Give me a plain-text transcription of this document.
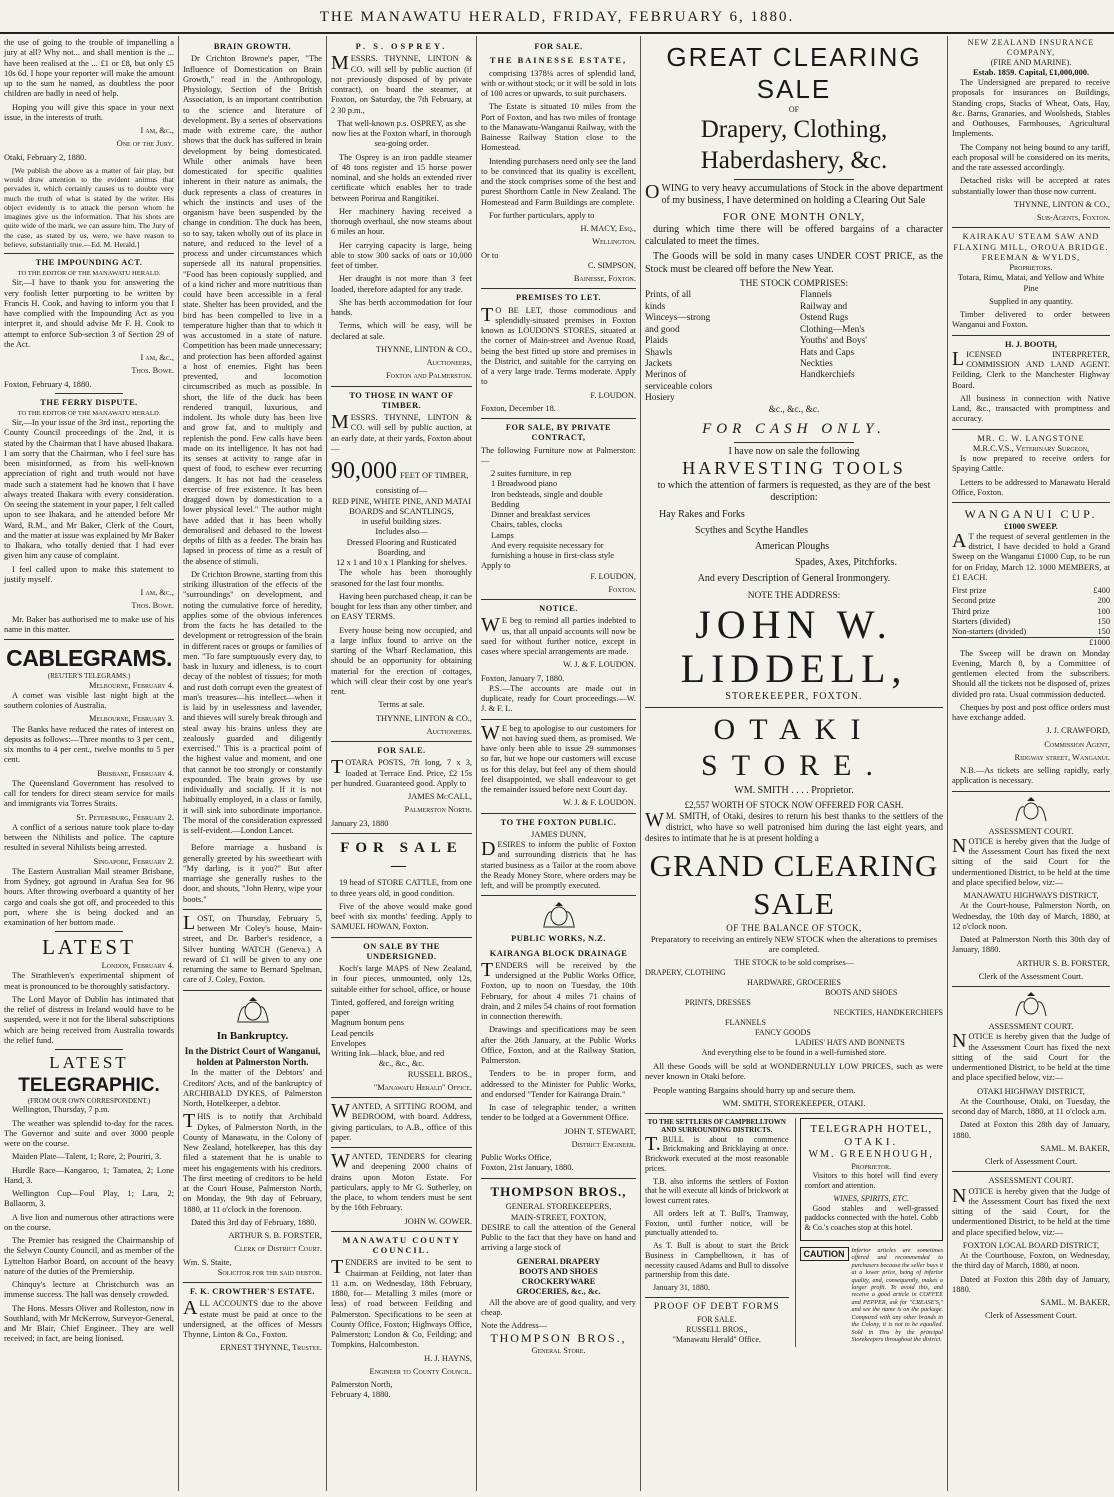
THE MANAWATU HERALD, FRIDAY, FEBRUARY 6, 1880.

the use of going to the trouble of impanelling a jury at all? Why not... and shall mention is the ... have been realised at the ... £1 or £8, but only £5 10s 6d. I hope your reporter will make the amount up to the sum he named, as doubtless the poor children are badly in need of help.

Hoping you will give this space in your next issue, in the interests of truth.

I am, &c.,
One of the Jury.

Otaki, February 2, 1880.

[We publish the above as a matter of fair play, but would draw attention to the evident animus that pervades it, which certainly causes us to doubte very much the truth of what is stated by the writer. His object evidently is to attack the person whom he imagines give us the information. That his shots are quite wide of the mark, we can assure him. The Jury of the case, as stated by us, were, we have reason to believe, substantially true.—Ed. M. Herald.]

THE IMPOUNDING ACT.
TO THE EDITOR OF THE MANAWATU HERALD.

Sir,—I have to thank you for answering the very foolish letter purporting to be written by Francis H. Cook, and having to inform you that I have complied with the Impounding Act as you interpret it, and should advise Mr F. H. Cook to attempt to enforce Sub-section 3 of Section 29 of the Act.

I am, &c.,
Thos. Bowe.

Foxton, February 4, 1880.

THE FERRY DISPUTE.
TO THE EDITOR OF THE MANAWATU HERALD.

Sir,—In your issue of the 3rd inst., reporting the County Council proceedings of the 2nd, it is stated by the Chairman that I have abused Ihakara. I am sorry that the Chairman, who I feel sure has been misinformed, as from his well-known appreciation of right and truth would not have made such a statement had he known that I have always treated Ihakara with every consideration. On seeing the statement in your paper, I felt called upon to see Ihakara, and he attended before Mr Ward, R.M., and Mr Baker, Clerk of the Court, and the matter at issue was explained by Mr Baker to Ihakara, who totally denied that I had ever given him any cause of complaint.

I feel called upon to make this statement to justify myself.

I am, &c.,
Thos. Bowe.

Mr. Baker has authorised me to make use of his name in this matter.

CABLEGRAMS.
(REUTER'S TELEGRAMS.)
Melbourne, February 4.

A comet was visible last night high at the southern colonies of Australia.

Melbourne, February 3.

The Banks have reduced the rates of interest on deposits as follows:—Three months to 3 per cent., six months to 4 per cent., twelve months to 5 per cent.

Brisbane, February 4.

The Queensland Government has resolved to call for tenders for direct steam service for mails and immigrants via Torres Straits.

St. Petersburg, February 2.

A conflict of a serious nature took place to-day between the Nihilists and police. The capture resulted in several Nihilists being arrested.

Singapore, February 2.

The Eastern Australian Mail steamer Brisbane, from Sydney, got aground in Arafua Sea for 96 hours. After throwing overboard a quantity of her cargo and coals she got off, and proceeded to this port, where she is being docked and an examination of her bottom made.

LATEST
London, February 4.

The Strathleven's experimental shipment of meat is pronounced to be thoroughly satisfactory.

The Lord Mayor of Dublin has intimated that the relief of distress in Ireland would have to be suspended, were it not for the liberal subscriptions which are being received from Australia towards the relief fund.

LATEST
TELEGRAPHIC.
(FROM OUR OWN CORRESPONDENT.)

Wellington, Thursday, 7 p.m.

The weather was splendid to-day for the races. The Governor and suite and over 3000 people were on the course.

Maiden Plate—Talent, 1; Rore, 2; Pouriri, 3.

Hurdle Race—Kangaroo, 1; Tamatea, 2; Lone Hand, 3.

Wellington Cup—Foul Play, 1; Lara, 2; Ballaorm, 3.

A live lion and numerous other attractions were on the course.

The Premier has resigned the Chairmanship of the Selwyn County Council, and as member of the Lyttelton Harbor Board, on account of the heavy nature of the duties of the Premiership.

Chinquy's lecture at Christchurch was an immense success. The hall was densely crowded.

The Hons. Messrs Oliver and Rolleston, now in Southland, with Mr McKerrow, Surveyor-General, and Mr Blair, Chief Engineer. They are well received; in fact, are being lionised.

BRAIN GROWTH.

Dr Crichton Browne's paper, "The Influence of Domestication on Brain Growth," read in the Anthropology, Physiology, Section of the British Association, is an important contribution to the science and literature of development. By a series of observations made with extreme care, the author shows that the duck has suffered in brain development by being domesticated. While other animals have been domesticated for specific qualities inherent in their nature as animals, the duck represents a class of creatures in which the instincts and uses of the organism have been suspended by the change in condition. The duck has been, so to say, taken wholly out of its place in nature, and reduced to the level of a process and under circumstances which supersede all its natural propensities. "Food has been copiously supplied, and of a kind richer and more nutritious than could have been accessible in a feral state. Shelter has been provided, and the bird has been compelled to live in a temperature higher than that to which it was accustomed in a state of nature. Competition has been made unnecessary; and protection has been afforded against a host of enemies. Fight has been prevented, and locomotion circumscribed as much as possible. In short, the life of the duck has been rendered tranquil, luxurious, and indolent. Its whole duty has been live and grow fat, and to multiply and replenish the pond. Few calls have been made on its intelligence. It has not had its senses at activity to range afar in quest of food, to eschew ever recurring dangers. It has not had the ceaseless exercise of free existence. It has been dragged down by domestication to a lower physical level." The author might have added that it has been wholly demoralised and debased to the lowest depths of filth as a feeder. The brain has lapsed in process of time as a result of the absence of stimuli.

Dr Crichton Browne, starting from this striking illustration of the effects of the "surroundings" on development, and noting the cumulative force of heredity, applies some of the obvious inferences from the facts he has detailed to the development or retrogression of the brain in different races or groups or families of men. "To fare sumptuously every day, to bask in luxury and idleness, is to court decay of the noblest of tissues; for moth and rust doth corrupt even the greatest of man's treasures—his intellect—when it is laid by in uselessness and lavender, and thieves will surely break through and steal away his brains unless they are zealously guarded and diligently exercised." This is a practical point of the highest value and moment, and one that cannot be too strongly or constantly expounded. The brain grows by use individually and socially. If it is not habitually employed, in a class or family, it will sink into subordinate importance. The moral of the consideration expressed is self-evident.—London Lancet.

Before marriage a husband is generally greeted by his sweetheart with "My darling, is it you?" But after marriage she generally rushes to the door, and shouts, "John Henry, wipe your boots."

LOST, on Thursday, February 5, between Mr Coley's house, Main-street, and Dr. Barber's residence, a Silver hunting WATCH (Geneva.) A reward of £1 will be given to any one returning the same to Bernard Spelman, care of J. Coley, Foxton.

In Bankruptcy.
In the District Court of Wanganui, holden at Palmerston North.

In the matter of the Debtors' and Creditors' Acts, and of the bankruptcy of ARCHIBALD DYKES, of Palmerston North, Hotelkeeper, a debtor.

THIS is to notify that Archibald Dykes, of Palmerston North, in the County of Manawatu, in the Colony of New Zealand, hotelkeeper, has this day filed a statement that he is unable to meet his engagements with his creditors. The first meeting of creditors to be held at the Court House, Palmerston North, on Monday, the 9th day of February, 1880, at 11 o'clock in the forenoon.

Dated this 3rd day of February, 1880.

ARTHUR S. B. FORSTER,
Clerk of District Court.
Wm. S. Staite,
Solicitor for the said debtor.
F. K. CROWTHER'S ESTATE.

ALL ACCOUNTS due to the above estate must be paid at once to the undersigned, at the offices of Messrs Thynne, Linton & Co., Foxton.

ERNEST THYNNE, Trustee.
P. S. OSPREY.

MESSRS. THYNNE, LINTON & CO. will sell by public auction (if not previously disposed of by private contract), on board the steamer, at Foxton, on Saturday, the 7th February, at 2 30 p.m.,

That well-known p.s. OSPREY, as she now lies at the Foxton wharf, in thorough sea-going order.

The Osprey is an iron paddle steamer of 48 tons register and 15 horse power nominal, and she holds an extended river certificate which enables her to trade between Porirua and Rangitikei.

Her machinery having received a thorough overhaul, she now steams about 6 miles an hour.

Her carrying capacity is large, being able to stow 300 sacks of oats or 10,000 feet of timber.

Her draught is not more than 3 feet loaded, therefore adapted for any trade.

She has berth accommodation for four hands.

Terms, which will be easy, will be declared at sale.

THYNNE, LINTON & CO.,
Auctioneers,
Foxton and Palmerston.
TO THOSE IN WANT OF TIMBER.

MESSRS. THYNNE, LINTON & CO. will sell by public auction, at an early date, at their yards, Foxton about—

90,000 FEET OF TIMBER,
consisting of—
RED PINE, WHITE PINE, AND MATAI
BOARDS and SCANTLINGS,
in useful building sizes.
Includes also—
Dressed Flooring and Rusticated Boarding, and
12 x 1 and 10 x 1 Planking for shelves.

The whole has been thoroughly seasoned for the last four months.

Having been purchased cheap, it can be bought for less than any other timber, and on EASY TERMS.

Every house being now occupied, and a large influx found to arrive on the starting of the Wharf Reclamation, this should be an opportunity for obtaining material for the erection of cottages, which will clear their cost by one year's rent.

Terms at sale.

THYNNE, LINTON & CO.,
Auctioneers.
FOR SALE.

TOTARA POSTS, 7ft long, 7 x 3, loaded at Terrace End. Price, £2 15s per hundred. Guaranteed good. Apply to

JAMES McCALL,
Palmerston North.
January 23, 1880
FOR SALE—

19 head of STORE CATTLE, from one to three years old, in good condition.

Five of the above would make good beef with six months' feeding. Apply to SAMUEL HOWAN, Foxton.

ON SALE BY THE UNDERSIGNED.

Koch's large MAPS of New Zealand, in four pieces, unmounted, only 12s, suitable either for school, office, or house

Tinted, goffered, and foreign writing paper
Magnum bonum pens
Lead pencils
Envelopes
Writing Ink—black, blue, and red
&c., &c., &c.
RUSSELL BROS.,
"Manawatu Herald" Office.

WANTED, A SITTING ROOM, and BEDROOM, with board. Address, giving particulars, to A.B., office of this paper.

WANTED, TENDERS for clearing and deepening 2000 chains of drains upon Moton Estate. For particulars, apply to Mr G. Sutherley, on the place, to whom tenders must be sent by the 16th February.

JOHN W. GOWER.
MANAWATU COUNTY COUNCIL.

TENDERS are invited to be sent to Chairman at Feilding, not later than 11 a.m. on Wednesday, 18th February, 1880, for— Metalling 3 miles (more or less) of road between Feilding and Palmerston. Specifications to be seen at County Office, Foxton; Highways Office, Palmerston; London & Co, Feilding; and Tompkins, Halcombeston.

H. J. HAYNS,
Engineer to County Council.
Palmerston North,
February 4, 1880.
FOR SALE.
THE BAINESSE ESTATE,

comprising 1378¼ acres of splendid land, with or without stock; or it will be sold in lots of 100 acres or upwards, to suit purchasers.

The Estate is situated 10 miles from the Port of Foxton, and has two miles of frontage to the Manawatu-Wanganui Railway, with the Bainesse Railway Station close to the Homestead.

Intending purchasers need only see the land to be convinced that its quality is excellent, and the stock comprises some of the best and purest Shorthorn Cattle in New Zealand. The Homestead and Farm Buildings are complete.

For further particulars, apply to

H. MACY, Esq.,
Wellington.
Or to
C. SIMPSON,
Bainesse, Foxton.
PREMISES TO LET.

TO BE LET, those commodious and splendidly-situated premises in Foxton known as LOUDON'S STORES, situated at the corner of Main-street and Avenue Road, being the best fitted up store and premises in the District, and suitable for the carrying on of a very large trade. Terms moderate. Apply to

F. LOUDON.
Foxton, December 18.
FOR SALE, BY PRIVATE CONTRACT,

The following Furniture now at Palmerston:—

2 suites furniture, in rep
1 Broadwood piano
Iron bedsteads, single and double
Bedding
Dinner and breakfast services
Chairs, tables, clocks
Lamps
And every requisite necessary for furnishing a house in first-class style
Apply to
F. LOUDON,
Foxton.
NOTICE.

WE beg to remind all parties indebted to us, that all unpaid accounts will now be sued for without further notice, except in cases where special arrangements are made.

W. J. & F. LOUDON.
Foxton, January 7, 1880.

P.S.—The accounts are made out in duplicate, ready for Court proceedings.—W. J. & F. L.

WE beg to apologise to our customers for not having sued them, as promised. We have only been able to issue 29 summonses so far, but we hope our customers will excuse us for this delay, but feel any of them should feel disappointed, we shall endeavour to get the remainder issued before next Court day.

W. J. & F. LOUDON.
TO THE FOXTON PUBLIC.
JAMES DUNN,

DESIRES to inform the public of Foxton and surrounding districts that he has started business as a Tailor at the room above the Ready Money Store, where orders may be left, and will be promptly executed.

PUBLIC WORKS, N.Z.
KAIRANGA BLOCK DRAINAGE

TENDERS will be received by the undersigned at the Public Works Office, Foxton, up to noon on Tuesday, the 10th February, for about 4 miles 71 chains of drain, and 2 miles 54 chains of root formation in connection therewith.

Drawings and specifications may be seen after the 26th January, at the Public Works Office, Foxton, and at the Railway Station, Palmerston.

Tenders to be in proper form, and addressed to the Minister for Public Works, and endorsed "Tender for Kairanga Drain."

In case of telegraphic tender, a written tender to be lodged at a Government Office.

JOHN T. STEWART,
District Engineer.
Public Works Office,
Foxton, 21st January, 1880.
THOMPSON BROS.,
GENERAL STOREKEEPERS,
MAIN-STREET, FOXTON,

DESIRE to call the attention of the General Public to the fact that they have on hand and arriving a large stock of

GENERAL DRAPERY
BOOTS AND SHOES
CROCKERYWARE
GROCERIES, &c., &c.

All the above are of good quality, and very cheap.

Note the Address—
THOMPSON BROS.,
General Store.
GREAT CLEARING SALE
OF
Drapery, Clothing, Haberdashery, &c.

OWING to very heavy accumulations of Stock in the above department of my business, I have determined on holding a Clearing Out Sale

FOR ONE MONTH ONLY,

during which time there will be offered bargains of a character calculated to meet the times.

The Goods will be sold in many cases UNDER COST PRICE, as the Stock must be cleared off before the New Year.

THE STOCK COMPRISES:
Prints, of all kinds
Winceys—strong and good
Plaids
Shawls
Jackets
Merinos of serviceable colors
Hosiery
Flannels
Railway and Ostend Rugs
Clothing—Men's Youths' and Boys'
Hats and Caps
Neckties
Handkerchiefs
&c., &c., &c.
FOR CASH ONLY.
I have now on sale the following
HARVESTING TOOLS

to which the attention of farmers is requested, as they are of the best description:

Hay Rakes and Forks
Scythes and Scythe Handles
American Ploughs
Spades, Axes, Pitchforks.
And every Description of General Ironmongery.
NOTE THE ADDRESS:
JOHN W. LIDDELL,
STOREKEEPER, FOXTON.
OTAKI STORE.
WM. SMITH . . . . Proprietor.
£2,557 WORTH OF STOCK NOW OFFERED FOR CASH.

WM. SMITH, of Otaki, desires to return his best thanks to the settlers of the district, who have so well patronised him during the last eight years, and desires to intimate that he is at present holding a

GRAND CLEARING SALE
OF THE BALANCE OF STOCK,

Preparatory to receiving an entirely NEW STOCK when the alterations to premises are completed.

THE STOCK to be sold comprises—
DRAPERY, CLOTHING
HARDWARE, GROCERIES
BOOTS AND SHOES
PRINTS, DRESSES
NECKTIES, HANDKERCHIEFS
FLANNELS
FANCY GOODS
LADIES' HATS AND BONNETS
And everything else to be found in a well-furnished store.

All these Goods will be sold at WONDERNULLY LOW PRICES, such as were never known in Otaki before.

People wanting Bargains should hurry up and secure them.

WM. SMITH, STOREKEEPER, OTAKI.
TO THE SETTLERS OF CAMPBELLTOWN AND SURROUNDING DISTRICTS.

T.BULL is about to commence Brickmaking and Bricklaying at once. Brickwork executed at the most reasonable prices.

T.B. also informs the settlers of Foxton that he will execute all kinds of brickwork at lowest current rates.

All orders left at T. Bull's, Tramway, Foxton, until further notice, will be punctually attended to.

As T. Bull is about to start the Brick Business in Campbelltown, it has of necessity caused Adams and Bull to dissolve partnership from this date.

January 31, 1880.

PROOF OF DEBT FORMS
FOR SALE.
RUSSELL BROS.,
"Manawatu Herald" Office.
TELEGRAPH HOTEL,
OTAKI.
WM. GREENHOUGH,
Proprietor.

Visitors to this hotel will find every comfort and attention.

WINES, SPIRITS, ETC.

Good stables and well-grassed paddocks connected with the hotel. Cobb & Co.'s coaches stop at this hotel.

CAUTION	Inferior articles are sometimes offered and recommended to purchasers because the seller buys it at a lower price, being of inferior quality, and, consequently, makes a larger profit. To avoid this, and receive a good article in COFFEE and PEPPER, ask for "CREASE'S," and see the name is on the package. Compared with any other brands in the Colony, it is not to be equalled. Sold in Tins by the principal Storekeepers throughout the district.

NEW ZEALAND INSURANCE COMPANY,
(FIRE AND MARINE).
Estab. 1859. Capital, £1,000,000.

The Undersigned are prepared to receive proposals for insurances on Buildings, Standing crops, Stacks of Wheat, Oats, Hay, &c. Barns, Granaries, and Woolsheds, Stables and Outhouses, Farmhouses, Agricultural Implements.

The Company not being bound to any tariff, each proposal will be considered on its merits, and the rate assessed accordingly.

Detached risks will be accepted at rates substantially lower than those now current.

THYNNE, LINTON & CO.,
Sub-Agents, Foxton.
KAIRAKAU STEAM SAW AND FLAXING MILL, OROUA BRIDGE.
FREEMAN & WYLDS,
Proprietors.

Totara, Rimu, Matai, and Yellow and White Pine

Supplied in any quantity.

Timber delivered to order between Wanganui and Foxton.

H. J. BOOTH,

LICENSED INTERPRETER, COMMISSION AND LAND AGENT. Feilding, Clerk to the Manchester Highway Board.

All business in connection with Native Land, &c., transacted with promptness and accuracy.

MR. C. W. LANGSTONE
M.R.C.V.S., Veterinary Surgeon,

Is now prepared to receive orders for Spaying Cattle.

Letters to be addressed to Manawatu Herald Office, Foxton.

WANGANUI CUP.
£1000 SWEEP.

AT the request of several gentlemen in the district, I have decided to hold a Grand Sweep on the Wanganui £1000 Cup, to be run for on Friday, March 12. 1000 MEMBERS, at £1 EACH.

First prize	£400
Second prize	200
Third prize	100
Starters (divided)	150
Non-starters (divided)	150
£1000

The Sweep will be drawn on Monday Evening, March 8, by a Committee of gentlemen elected from the subscribers. Should all the tickets not be disposed of, prizes divided pro rata. Usual commission deducted.

Cheques by post and post office orders must have exchange added.

J. J. CRAWFORD,
Commission Agent,
Ridgway street, Wanganui.

N.B.—As tickets are selling rapidly, early application is necessary.

ASSESSMENT COURT.

NOTICE is hereby given that the Judge of the Assessment Court has fixed the next sitting of the said Court for the undermentioned District, to be held at the time and place specified below, viz:—

MANAWATU HIGHWAYS DISTRICT,

At the Court-house, Palmerston North, on Wednesday, the 10th day of March, 1880, at 12 o'clock noon.

Dated at Palmerston North this 30th day of January, 1880.

ARTHUR S. B. FORSTER,
Clerk of the Assessment Court.
ASSESSMENT COURT.

NOTICE is hereby given that the Judge of the Assessment Court has fixed the next sitting of the said Court for the undermentioned District, to be held at the time and place specified below, viz:—

OTAKI HIGHWAY DISTRICT,

At the Courthouse, Otaki, on Tuesday, the second day of March, 1880, at 11 o'clock a.m.

Dated at Foxton this 28th day of January, 1880.

SAML. M. BAKER,
Clerk of Assessment Court.
ASSESSMENT COURT.

NOTICE is hereby given that the Judge of the Assessment Court has fixed the next sitting of the said Court, for the undermentioned District, to be held at the time and place specified below, viz:—

FOXTON LOCAL BOARD DISTRICT,

At the Courthouse, Foxton, on Wednesday, the third day of March, 1880, at noon.

Dated at Foxton this 28th day of January, 1880.

SAML. M. BAKER,
Clerk of Assessment Court.
